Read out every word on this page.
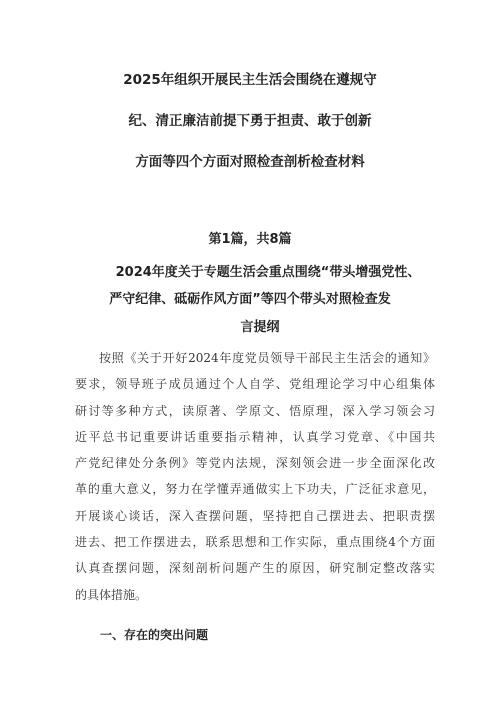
2025年组织开展民主生活会围绕在遵规守
纪、清正廉洁前提下勇于担责、敢于创新
方面等四个方面对照检查剖析检查材料
第1篇，共8篇
2024年度关于专题生活会重点围绕“带头增强党性、
严守纪律、砥砺作风方面”等四个带头对照检查发
言提纲
按照《关于开好2024年度党员领导干部民主生活会的通知》
要求，领导班子成员通过个人自学、党组理论学习中心组集体
研讨等多种方式，读原著、学原文、悟原理，深入学习领会习
近平总书记重要讲话重要指示精神，认真学习党章、《中国共
产党纪律处分条例》等党内法规，深刻领会进一步全面深化改
革的重大意义，努力在学懂弄通做实上下功夫，广泛征求意见，
开展谈心谈话，深入查摆问题，坚持把自己摆进去、把职责摆
进去、把工作摆进去，联系思想和工作实际，重点围绕4个方面
认真查摆问题，深刻剖析问题产生的原因，研究制定整改落实
的具体措施。
一、存在的突出问题
